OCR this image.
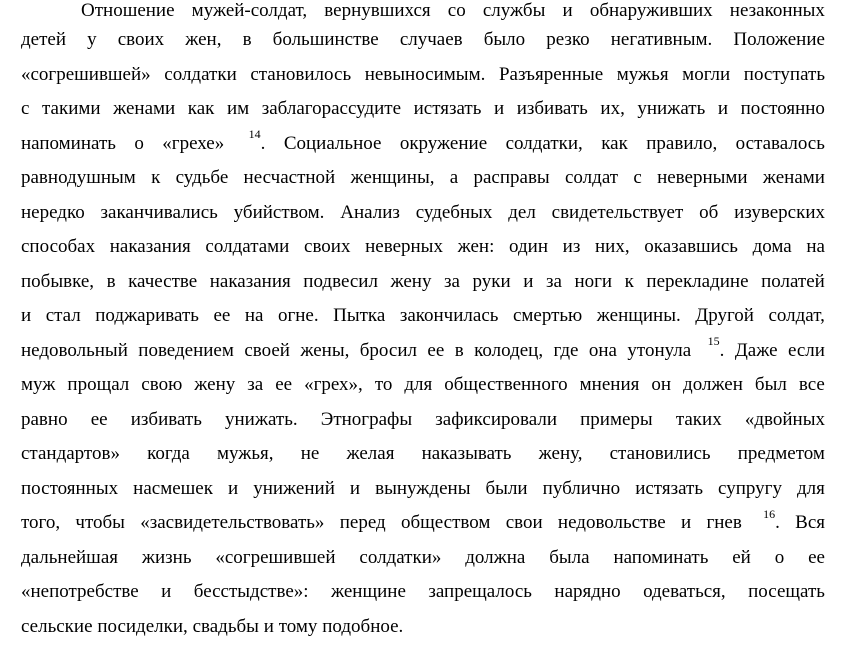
Отношение мужей-солдат, вернувшихся со службы и обнаруживших незаконных
детей у своих жен, в большинстве случаев было резко негативным. Положение
«согрешившей» солдатки становилось невыносимым. Разъяренные мужья могли поступать
с такими женами как им заблагорассудите истязать и избивать их, унижать и постоянно
напоминать о «грехе»	$^{14}$. Социальное окружение солдатки, как правило, оставалось
равнодушным к судьбе несчастной женщины, а расправы солдат с неверными женами
нередко заканчивались убийством. Анализ судебных дел свидетельствует об изуверских
способах наказания солдатами своих неверных жен: один из них, оказавшись дома на
побывке, в качестве наказания подвесил жену за руки и за ноги к перекладине полатей
и стал поджаривать ее на огне. Пытка закончилась смертью женщины. Другой солдат,
недовольный поведением своей жены, бросил ее в колодец, где она утонула	$^{15}$. Даже если
муж прощал свою жену за ее «грех», то для общественного мнения он должен был все
равно ее избивать унижать. Этнографы зафиксировали примеры таких «двойных
стандартов» когда мужья, не желая наказывать жену, становились предметом
постоянных насмешек и унижений и вынуждены были публично истязать супругу для
того, чтобы «засвидетельствовать» перед обществом свои недовольстве и гнев	$^{16}$. Вся
дальнейшая жизнь «согрешившей солдатки» должна была напоминать ей о ее
«непотребстве и бесстыдстве»: женщине запрещалось нарядно одеваться, посещать
сельские посиделки, свадьбы и тому подобное.
